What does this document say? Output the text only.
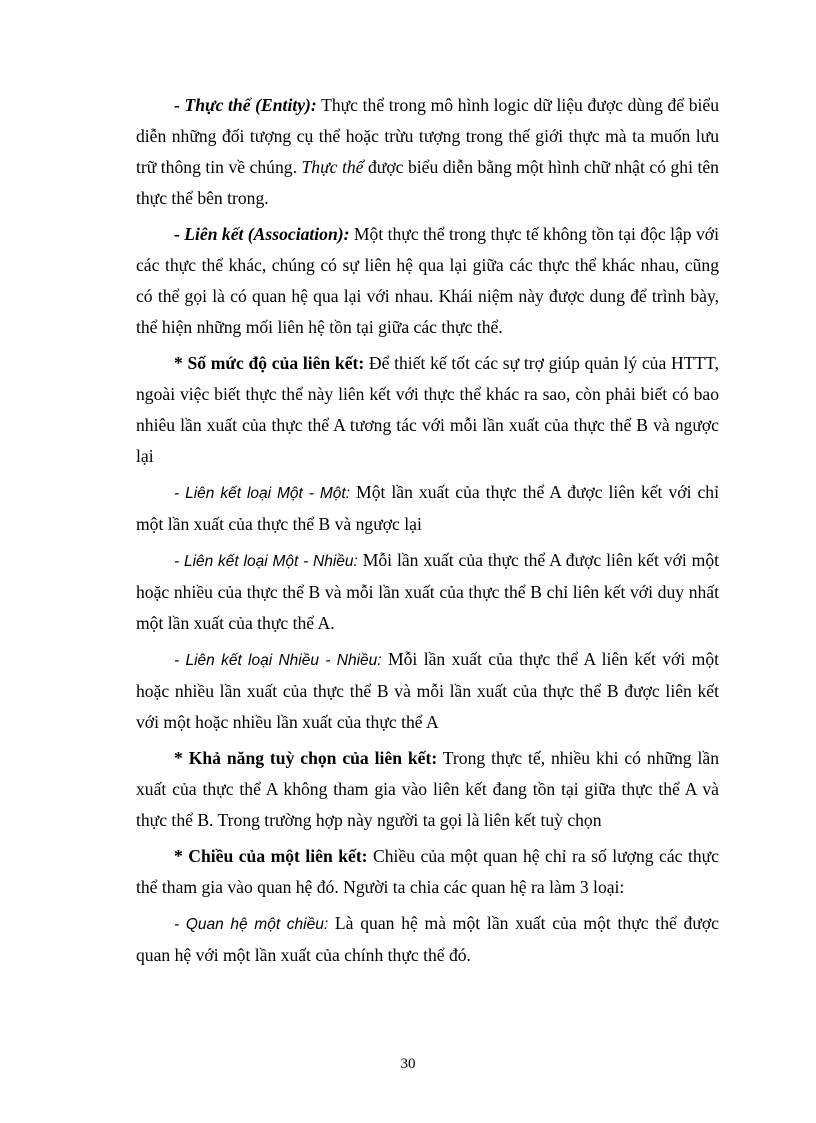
- Thực thể (Entity): Thực thể trong mô hình logic dữ liệu được dùng để biểu diễn những đối tượng cụ thể hoặc trừu tượng trong thế giới thực mà ta muốn lưu trữ thông tin về chúng. Thực thể được biểu diễn bằng một hình chữ nhật có ghi tên thực thể bên trong.

- Liên kết (Association): Một thực thể trong thực tế không tồn tại độc lập với các thực thể khác, chúng có sự liên hệ qua lại giữa các thực thể khác nhau, cũng có thể gọi là có quan hệ qua lại với nhau. Khái niệm này được dung để trình bày, thể hiện những mối liên hệ tồn tại giữa các thực thể.

* Số mức độ của liên kết: Để thiết kế tốt các sự trợ giúp quản lý của HTTT, ngoài việc biết thực thể này liên kết với thực thể khác ra sao, còn phải biết có bao nhiêu lần xuất của thực thể A tương tác với mỗi lần xuất của thực thể B và ngược lại

- Liên kết loại Một - Một: Một lần xuất của thực thể A được liên kết với chỉ một lần xuất của thực thể B và ngược lại

- Liên kết loại Một - Nhiều: Mỗi lần xuất của thực thể A được liên kết với một hoặc nhiều của thực thể B và mỗi lần xuất của thực thể B chỉ liên kết với duy nhất một lần xuất của thực thể A.

- Liên kết loại Nhiều - Nhiều: Mỗi lần xuất của thực thể A liên kết với một hoặc nhiều lần xuất của thực thể B và mỗi lần xuất của thực thể B được liên kết với một hoặc nhiều lần xuất của thực thể A

* Khả năng tuỳ chọn của liên kết: Trong thực tế, nhiều khi có những lần xuất của thực thể A không tham gia vào liên kết đang tồn tại giữa thực thể A và thực thể B. Trong trường hợp này người ta gọi là liên kết tuỳ chọn

* Chiều của một liên kết: Chiều của một quan hệ chỉ ra số lượng các thực thể tham gia vào quan hệ đó. Người ta chia các quan hệ ra làm 3 loại:

- Quan hệ một chiều: Là quan hệ mà một lần xuất của một thực thể được quan hệ với một lần xuất của chính thực thể đó.

30
